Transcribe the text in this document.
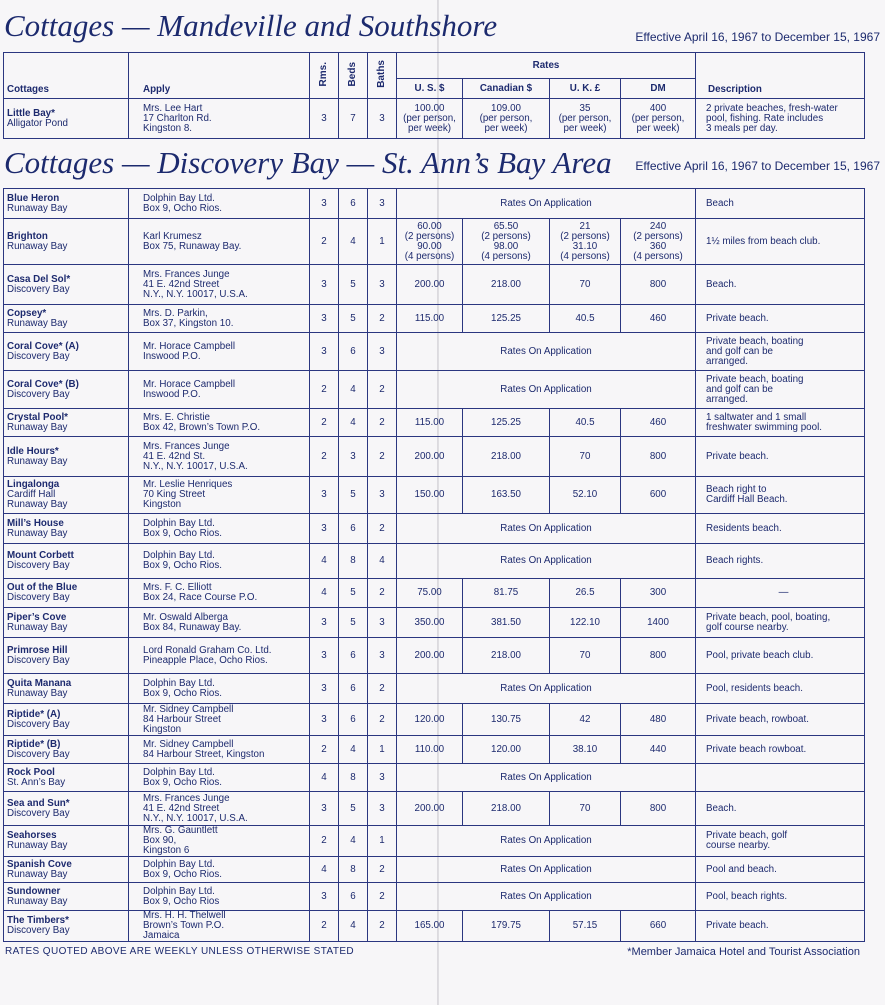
Cottages — Mandeville and Southshore	Effective April 16, 1967 to December 15, 1967
Cottages	Apply	Rms.	Beds	Baths	Rates				Description
					U. S. $	Canadian $	U. K. £	DM	

Little Bay*
Alligator Pond	Mrs. Lee Hart
17 Charlton Rd.
Kingston 8.	3	7	3	100.00
(per person,
per week)	109.00
(per person,
per week)	35
(per person,
per week)	400
(per person,
per week)	2 private beaches, fresh-water
pool, fishing. Rate includes
3 meals per day.
Cottages — Discovery Bay — St. Ann’s Bay Area Effective April 16, 1967 to December 15, 1967
Blue Heron
Runaway Bay	Dolphin Bay Ltd.
Box 9, Ocho Rios.	3	6	3	Rates On Application				Beach

Brighton
Runaway Bay	Karl Krumesz
Box 75, Runaway Bay.	2	4	1	60.00
(2 persons)
90.00
(4 persons)	65.50
(2 persons)
98.00
(4 persons)	21
(2 persons)
31.10
(4 persons)	240
(2 persons)
360
(4 persons)	1½ miles from beach club.

Casa Del Sol*
Discovery Bay	Mrs. Frances Junge
41 E. 42nd Street
N.Y., N.Y. 10017, U.S.A.	3	5	3	200.00	218.00	70	800	Beach.

Copsey*
Runaway Bay	Mrs. D. Parkin,
Box 37, Kingston 10.	3	5	2	115.00	125.25	40.5	460	Private beach.

Coral Cove* (A)
Discovery Bay	Mr. Horace Campbell
Inswood P.O.	3	6	3	Rates On Application				Private beach, boating
and golf can be
arranged.

Coral Cove* (B)
Discovery Bay	Mr. Horace Campbell
Inswood P.O.	2	4	2	Rates On Application				Private beach, boating
and golf can be
arranged.

Crystal Pool*
Runaway Bay	Mrs. E. Christie
Box 42, Brown’s Town P.O.	2	4	2	115.00	125.25	40.5	460	1 saltwater and 1 small
freshwater swimming pool.

Idle Hours*
Runaway Bay	Mrs. Frances Junge
41 E. 42nd St.
N.Y., N.Y. 10017, U.S.A.	2	3	2	200.00	218.00	70	800	Private beach.

Lingalonga
Cardiff Hall
Runaway Bay	Mr. Leslie Henriques
70 King Street
Kingston	3	5	3	150.00	163.50	52.10	600	Beach right to
Cardiff Hall Beach.

Mill’s House
Runaway Bay	Dolphin Bay Ltd.
Box 9, Ocho Rios.	3	6	2	Rates On Application				Residents beach.

Mount Corbett
Discovery Bay	Dolphin Bay Ltd.
Box 9, Ocho Rios.	4	8	4	Rates On Application				Beach rights.

Out of the Blue
Discovery Bay	Mrs. F. C. Elliott
Box 24, Race Course P.O.	4	5	2	75.00	81.75	26.5	300	—

Piper’s Cove
Runaway Bay	Mr. Oswald Alberga
Box 84, Runaway Bay.	3	5	3	350.00	381.50	122.10	1400	Private beach, pool, boating,
golf course nearby.

Primrose Hill
Discovery Bay	Lord Ronald Graham Co. Ltd.
Pineapple Place, Ocho Rios.	3	6	3	200.00	218.00	70	800	Pool, private beach club.

Quita Manana
Runaway Bay	Dolphin Bay Ltd.
Box 9, Ocho Rios.	3	6	2	Rates On Application				Pool, residents beach.

Riptide* (A)
Discovery Bay	Mr. Sidney Campbell
84 Harbour Street
Kingston	3	6	2	120.00	130.75	42	480	Private beach, rowboat.

Riptide* (B)
Discovery Bay	Mr. Sidney Campbell
84 Harbour Street, Kingston	2	4	1	110.00	120.00	38.10	440	Private beach rowboat.

Rock Pool
St. Ann’s Bay	Dolphin Bay Ltd.
Box 9, Ocho Rios.	4	8	3	Rates On Application				

Sea and Sun*
Discovery Bay	Mrs. Frances Junge
41 E. 42nd Street
N.Y., N.Y. 10017, U.S.A.	3	5	3	200.00	218.00	70	800	Beach.

Seahorses
Runaway Bay	Mrs. G. Gauntlett
Box 90,
Kingston 6	2	4	1	Rates On Application				Private beach, golf
course nearby.

Spanish Cove
Runaway Bay	Dolphin Bay Ltd.
Box 9, Ocho Rios.	4	8	2	Rates On Application				Pool and beach.

Sundowner
Runaway Bay	Dolphin Bay Ltd.
Box 9, Ocho Rios	3	6	2	Rates On Application				Pool, beach rights.

The Timbers*
Discovery Bay	Mrs. H. H. Thelwell
Brown’s Town P.O.
Jamaica	2	4	2	165.00	179.75	57.15	660	Private beach.
RATES QUOTED ABOVE ARE WEEKLY UNLESS OTHERWISE STATED	*Member Jamaica Hotel and Tourist Association
